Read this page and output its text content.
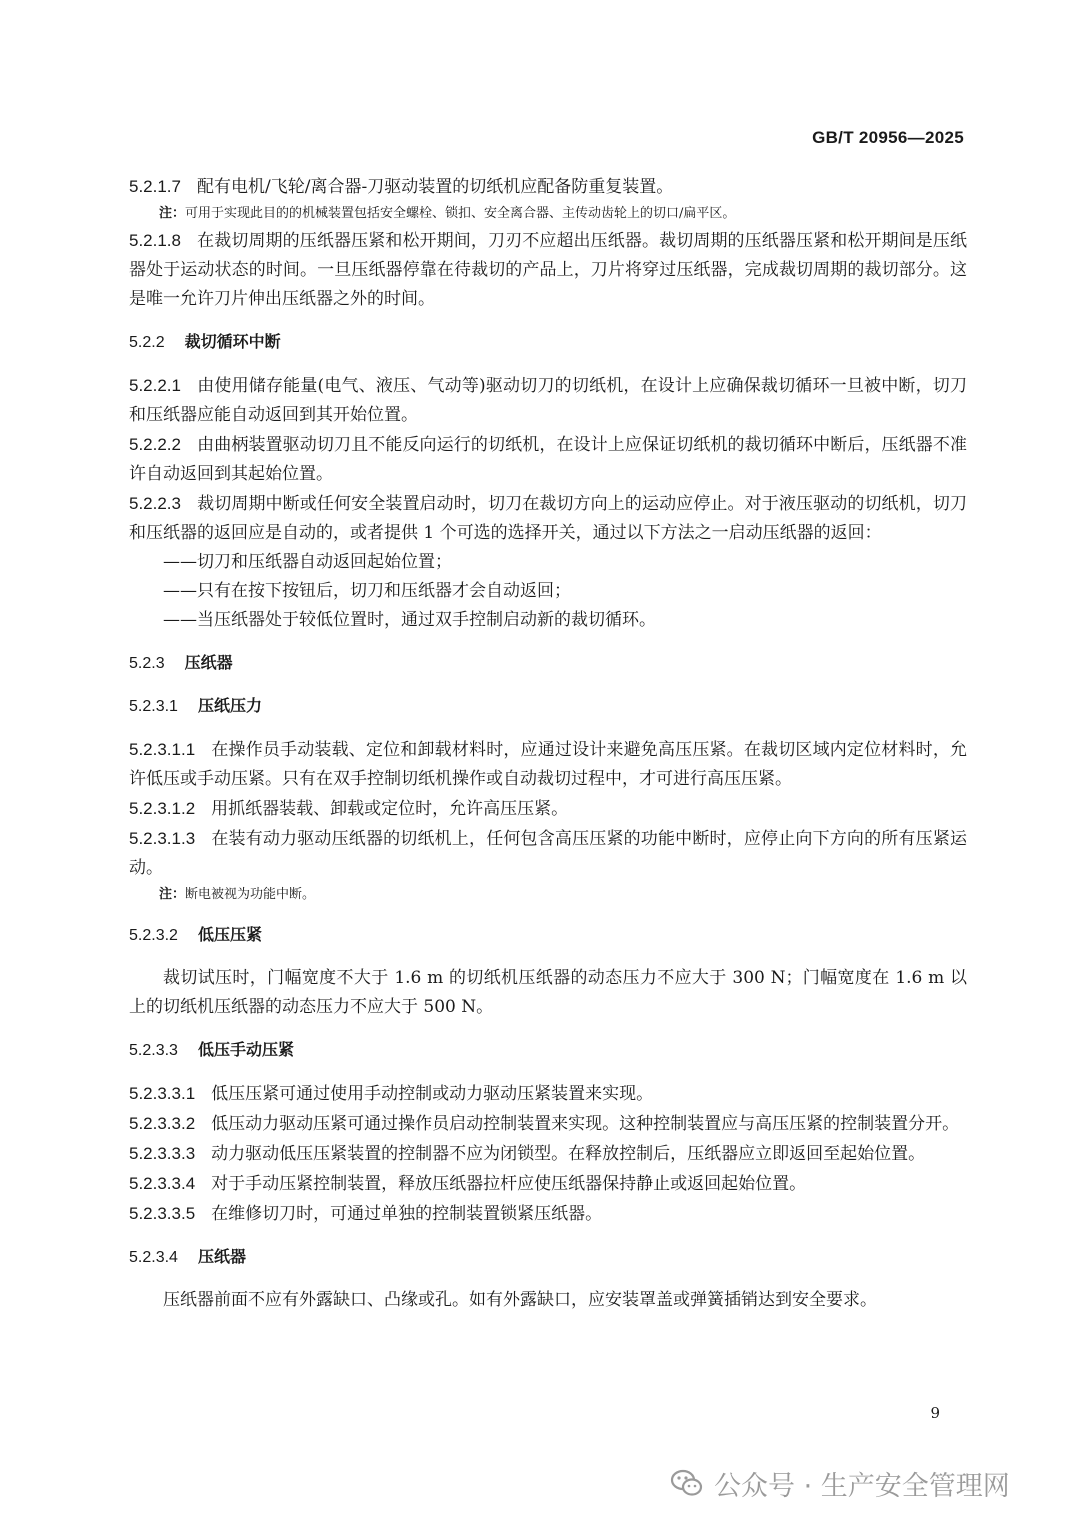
GB/T 20956—2025

5.2.1.7 配有电机/飞轮/离合器-刀驱动装置的切纸机应配备防重复装置。

注：可用于实现此目的的机械装置包括安全螺栓、锁扣、安全离合器、主传动齿轮上的切口/扁平区。

5.2.1.8 在裁切周期的压纸器压紧和松开期间，刀刃不应超出压纸器。裁切周期的压纸器压紧和松开期间是压纸器处于运动状态的时间。一旦压纸器停靠在待裁切的产品上，刀片将穿过压纸器，完成裁切周期的裁切部分。这是唯一允许刀片伸出压纸器之外的时间。

5.2.2 裁切循环中断

5.2.2.1 由使用储存能量(电气、液压、气动等)驱动切刀的切纸机，在设计上应确保裁切循环一旦被中断，切刀和压纸器应能自动返回到其开始位置。

5.2.2.2 由曲柄装置驱动切刀且不能反向运行的切纸机，在设计上应保证切纸机的裁切循环中断后，压纸器不准许自动返回到其起始位置。

5.2.2.3 裁切周期中断或任何安全装置启动时，切刀在裁切方向上的运动应停止。对于液压驱动的切纸机，切刀和压纸器的返回应是自动的，或者提供 1 个可选的选择开关，通过以下方法之一启动压纸器的返回：

——切刀和压纸器自动返回起始位置；

——只有在按下按钮后，切刀和压纸器才会自动返回；

——当压纸器处于较低位置时，通过双手控制启动新的裁切循环。

5.2.3 压纸器

5.2.3.1 压纸压力

5.2.3.1.1 在操作员手动装载、定位和卸载材料时，应通过设计来避免高压压紧。在裁切区域内定位材料时，允许低压或手动压紧。只有在双手控制切纸机操作或自动裁切过程中，才可进行高压压紧。

5.2.3.1.2 用抓纸器装载、卸载或定位时，允许高压压紧。

5.2.3.1.3 在装有动力驱动压纸器的切纸机上，任何包含高压压紧的功能中断时，应停止向下方向的所有压紧运动。

注：断电被视为功能中断。

5.2.3.2 低压压紧

裁切试压时，门幅宽度不大于 1.6 m 的切纸机压纸器的动态压力不应大于 300 N；门幅宽度在 1.6 m 以上的切纸机压纸器的动态压力不应大于 500 N。

5.2.3.3 低压手动压紧

5.2.3.3.1 低压压紧可通过使用手动控制或动力驱动压紧装置来实现。

5.2.3.3.2 低压动力驱动压紧可通过操作员启动控制装置来实现。这种控制装置应与高压压紧的控制装置分开。

5.2.3.3.3 动力驱动低压压紧装置的控制器不应为闭锁型。在释放控制后，压纸器应立即返回至起始位置。

5.2.3.3.4 对于手动压紧控制装置，释放压纸器拉杆应使压纸器保持静止或返回起始位置。

5.2.3.3.5 在维修切刀时，可通过单独的控制装置锁紧压纸器。

5.2.3.4 压纸器

压纸器前面不应有外露缺口、凸缘或孔。如有外露缺口，应安装罩盖或弹簧插销达到安全要求。

9
公众号 · 生产安全管理网
